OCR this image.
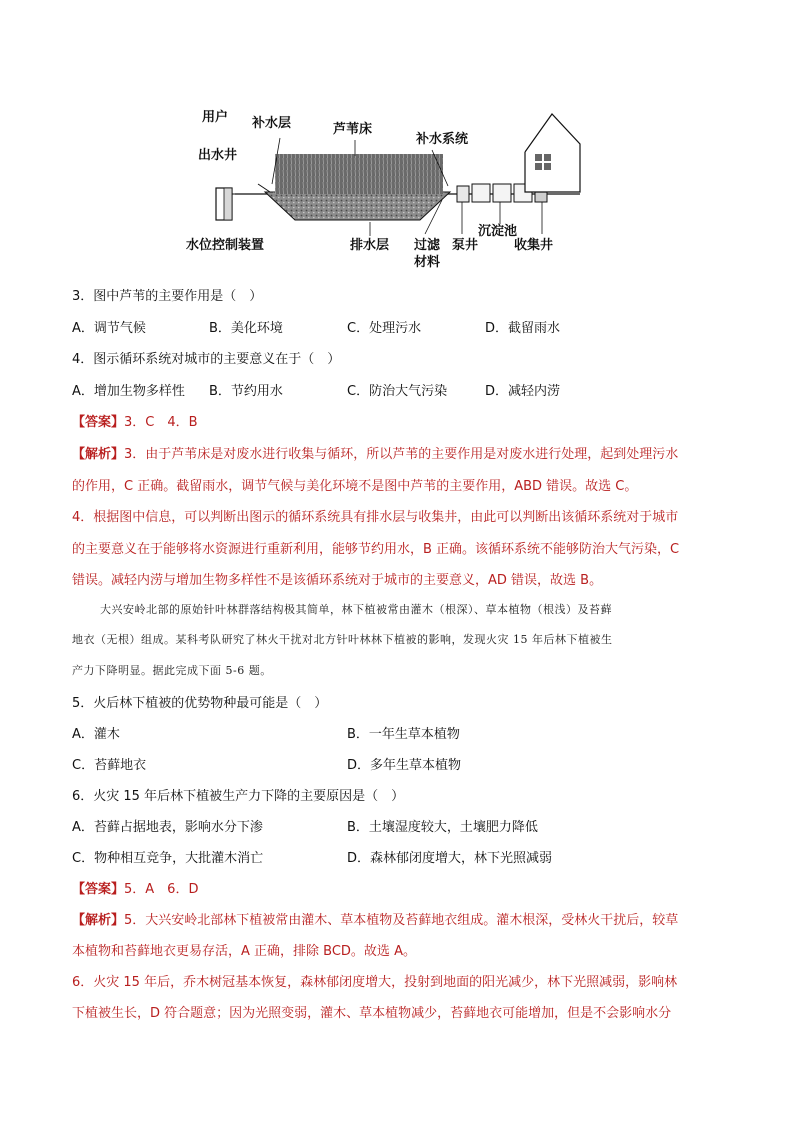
用户 补水层	芦苇床
补水系统
出水井
水位控制装置	排水层 过滤
材料
泵井
沉淀池
收集井
3．图中芦苇的主要作用是（　）
A．调节气候	B．美化环境	C．处理污水	D．截留雨水
4．图示循环系统对城市的主要意义在于（　）
A．增加生物多样性 B．节约用水	C．防治大气污染	D．减轻内涝
【答案】3．C　4．B
【解析】3．由于芦苇床是对废水进行收集与循环，所以芦苇的主要作用是对废水进行处理，起到处理污水
的作用，C 正确。截留雨水，调节气候与美化环境不是图中芦苇的主要作用，ABD 错误。故选 C。
4．根据图中信息，可以判断出图示的循环系统具有排水层与收集井，由此可以判断出该循环系统对于城市
的主要意义在于能够将水资源进行重新利用，能够节约用水，B 正确。该循环系统不能够防治大气污染，C
错误。减轻内涝与增加生物多样性不是该循环系统对于城市的主要意义，AD 错误，故选 B。
大兴安岭北部的原始针叶林群落结构极其简单，林下植被常由灌木（根深）、草本植物（根浅）及苔藓
地衣（无根）组成。某科考队研究了林火干扰对北方针叶林林下植被的影响，发现火灾 15 年后林下植被生
产力下降明显。据此完成下面 5-6 题。
5．火后林下植被的优势物种最可能是（　）
A．灌木	B．一年生草本植物
C．苔藓地衣	D．多年生草本植物
6．火灾 15 年后林下植被生产力下降的主要原因是（　）
A．苔藓占据地表，影响水分下渗	B．土壤湿度较大，土壤肥力降低
C．物种相互竞争，大批灌木消亡	D．森林郁闭度增大，林下光照减弱
【答案】5．A　6．D
【解析】5．大兴安岭北部林下植被常由灌木、草本植物及苔藓地衣组成。灌木根深，受林火干扰后，较草
本植物和苔藓地衣更易存活，A 正确，排除 BCD。故选 A。
6．火灾 15 年后，乔木树冠基本恢复，森林郁闭度增大，投射到地面的阳光减少，林下光照减弱，影响林
下植被生长，D 符合题意；因为光照变弱，灌木、草本植物减少，苔藓地衣可能增加，但是不会影响水分
